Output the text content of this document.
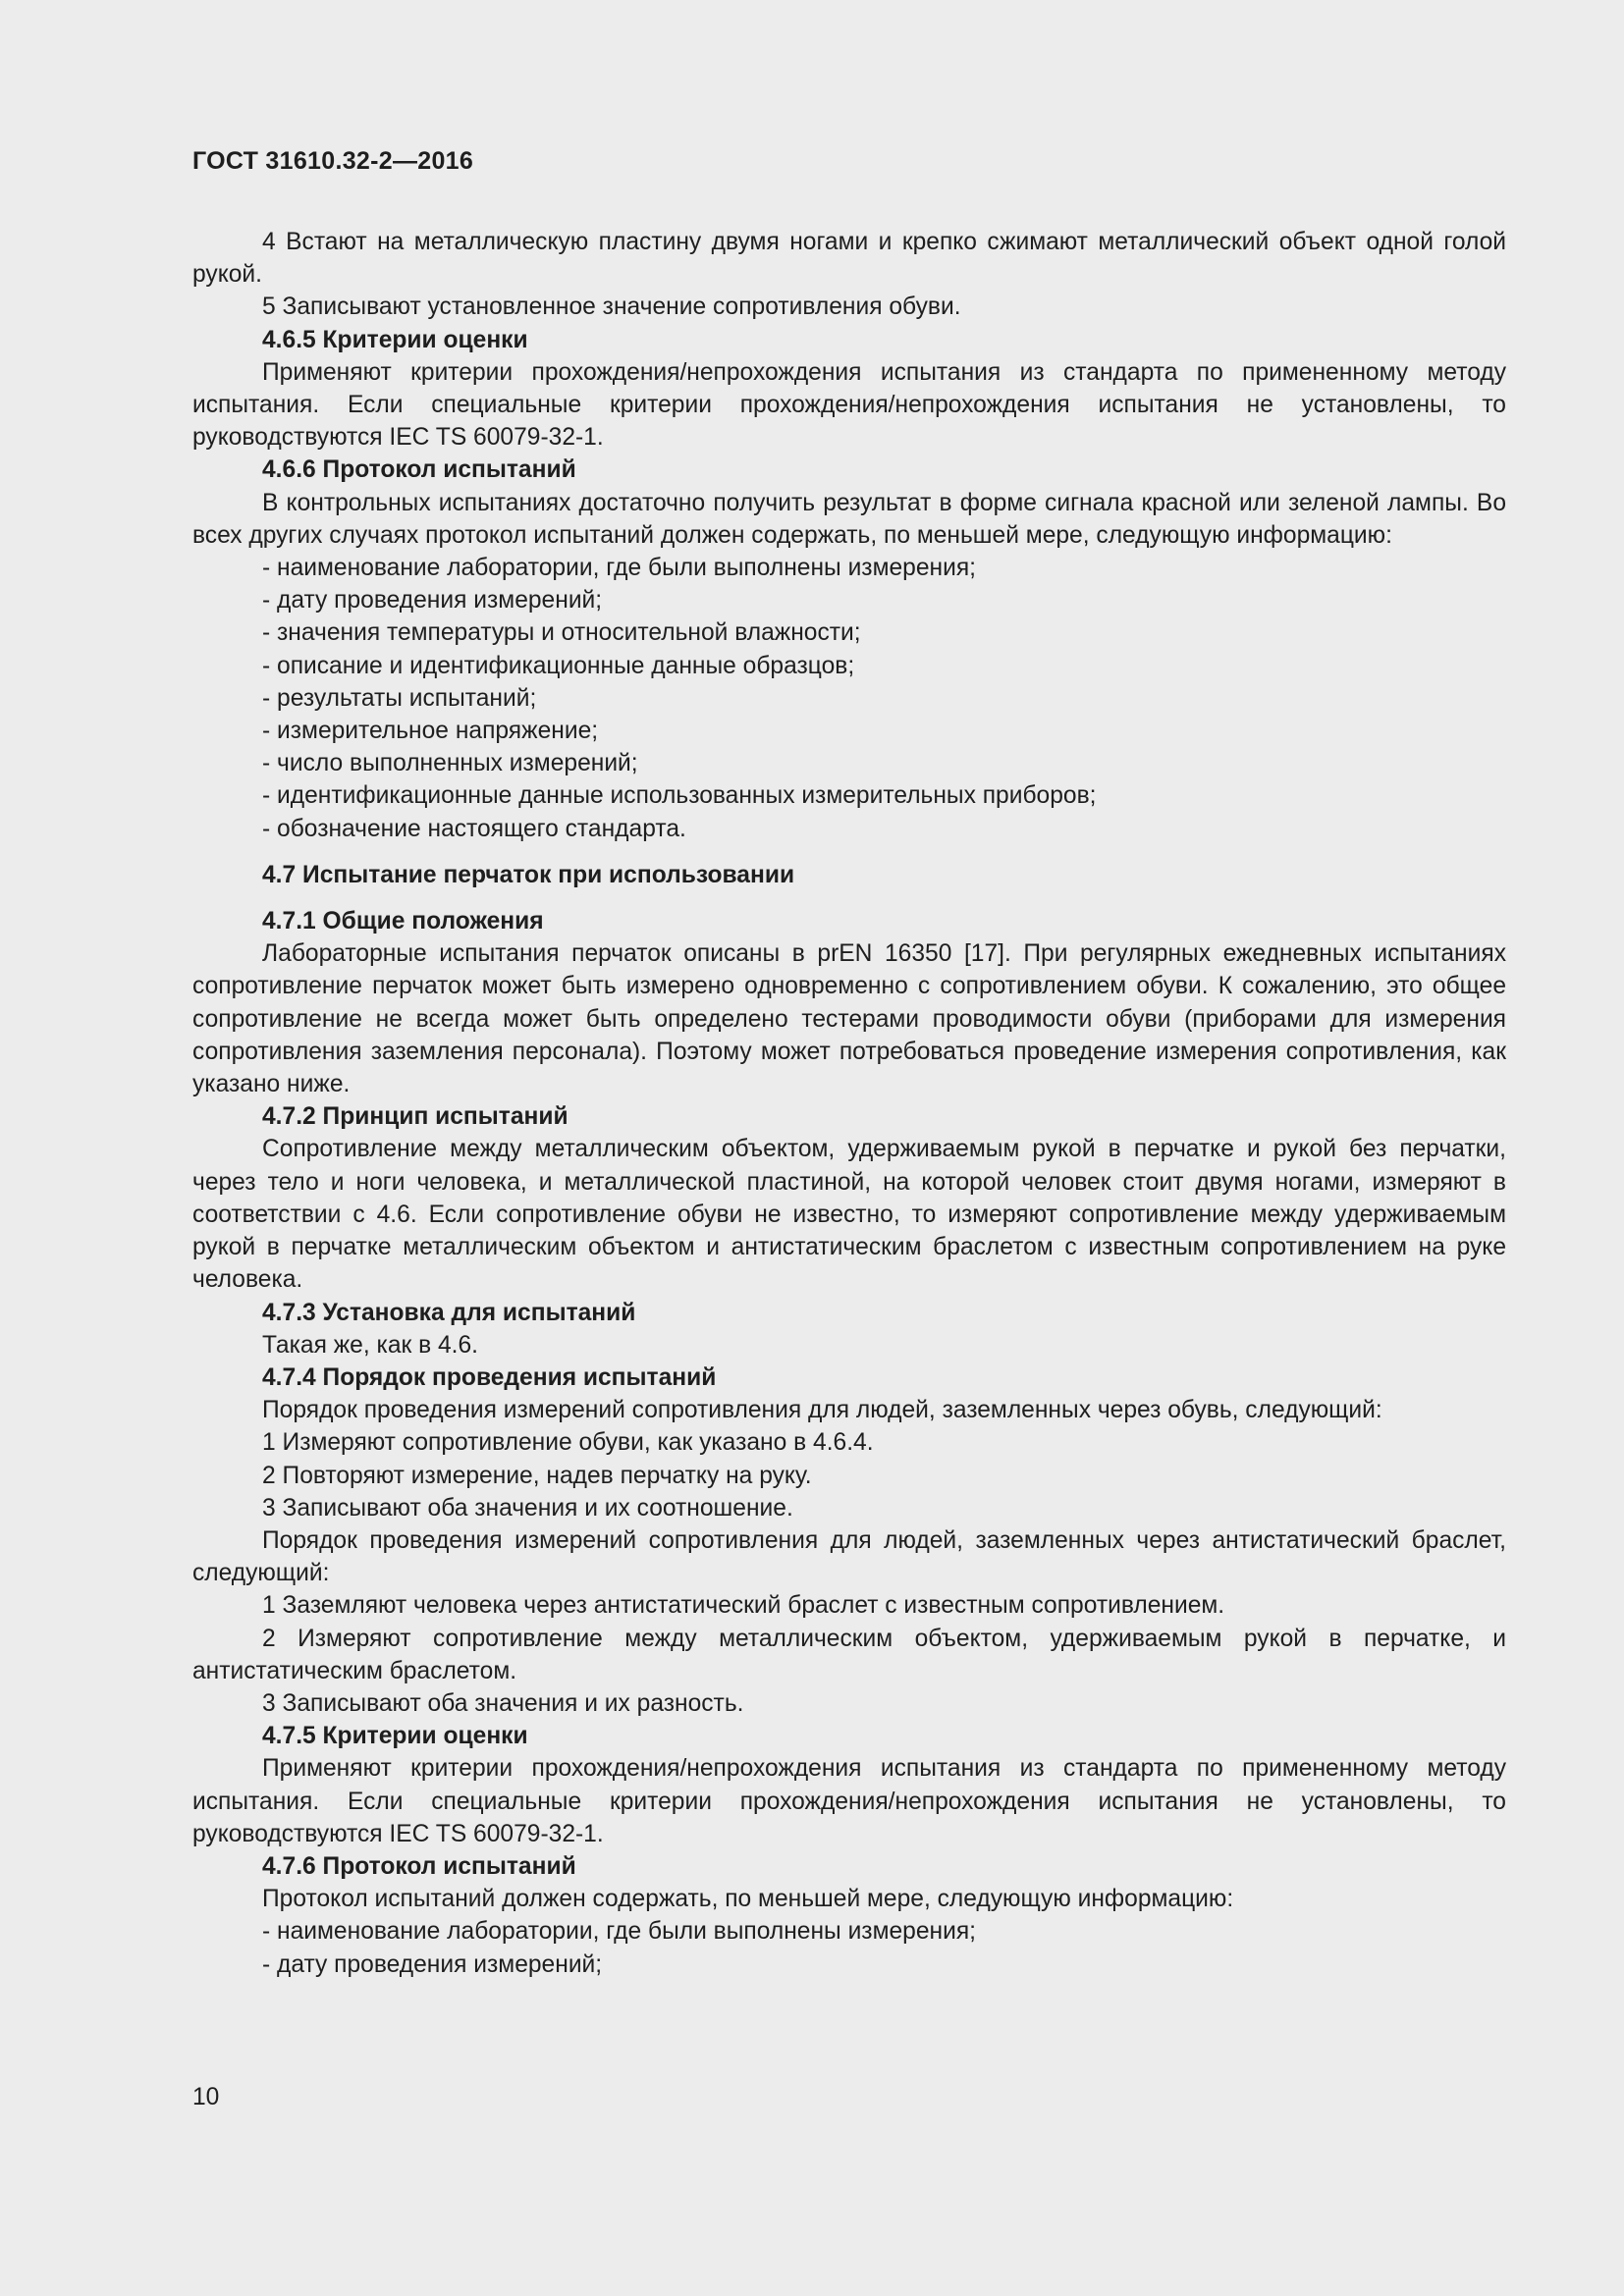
ГОСТ 31610.32-2—2016

4 Встают на металлическую пластину двумя ногами и крепко сжимают металлический объект одной голой рукой.

5 Записывают установленное значение сопротивления обуви.

4.6.5 Критерии оценки

Применяют критерии прохождения/непрохождения испытания из стандарта по примененному методу испытания. Если специальные критерии прохождения/непрохождения испытания не установлены, то руководствуются IEC TS 60079-32-1.

4.6.6 Протокол испытаний

В контрольных испытаниях достаточно получить результат в форме сигнала красной или зеленой лампы. Во всех других случаях протокол испытаний должен содержать, по меньшей мере, следующую информацию:

- наименование лаборатории, где были выполнены измерения;

- дату проведения измерений;

- значения температуры и относительной влажности;

- описание и идентификационные данные образцов;

- результаты испытаний;

- измерительное напряжение;

- число выполненных измерений;

- идентификационные данные использованных измерительных приборов;

- обозначение настоящего стандарта.

4.7 Испытание перчаток при использовании

4.7.1 Общие положения

Лабораторные испытания перчаток описаны в prEN 16350 [17]. При регулярных ежедневных испытаниях сопротивление перчаток может быть измерено одновременно с сопротивлением обуви. К сожалению, это общее сопротивление не всегда может быть определено тестерами проводимости обуви (приборами для измерения сопротивления заземления персонала). Поэтому может потребоваться проведение измерения сопротивления, как указано ниже.

4.7.2 Принцип испытаний

Сопротивление между металлическим объектом, удерживаемым рукой в перчатке и рукой без перчатки, через тело и ноги человека, и металлической пластиной, на которой человек стоит двумя ногами, измеряют в соответствии с 4.6. Если сопротивление обуви не известно, то измеряют сопротивление между удерживаемым рукой в перчатке металлическим объектом и антистатическим браслетом с известным сопротивлением на руке человека.

4.7.3 Установка для испытаний

Такая же, как в 4.6.

4.7.4 Порядок проведения испытаний

Порядок проведения измерений сопротивления для людей, заземленных через обувь, следующий:

1 Измеряют сопротивление обуви, как указано в 4.6.4.

2 Повторяют измерение, надев перчатку на руку.

3 Записывают оба значения и их соотношение.

Порядок проведения измерений сопротивления для людей, заземленных через антистатический браслет, следующий:

1 Заземляют человека через антистатический браслет с известным сопротивлением.

2 Измеряют сопротивление между металлическим объектом, удерживаемым рукой в перчатке, и антистатическим браслетом.

3 Записывают оба значения и их разность.

4.7.5 Критерии оценки

Применяют критерии прохождения/непрохождения испытания из стандарта по примененному методу испытания. Если специальные критерии прохождения/непрохождения испытания не установлены, то руководствуются IEC TS 60079-32-1.

4.7.6 Протокол испытаний

Протокол испытаний должен содержать, по меньшей мере, следующую информацию:

- наименование лаборатории, где были выполнены измерения;

- дату проведения измерений;

10
